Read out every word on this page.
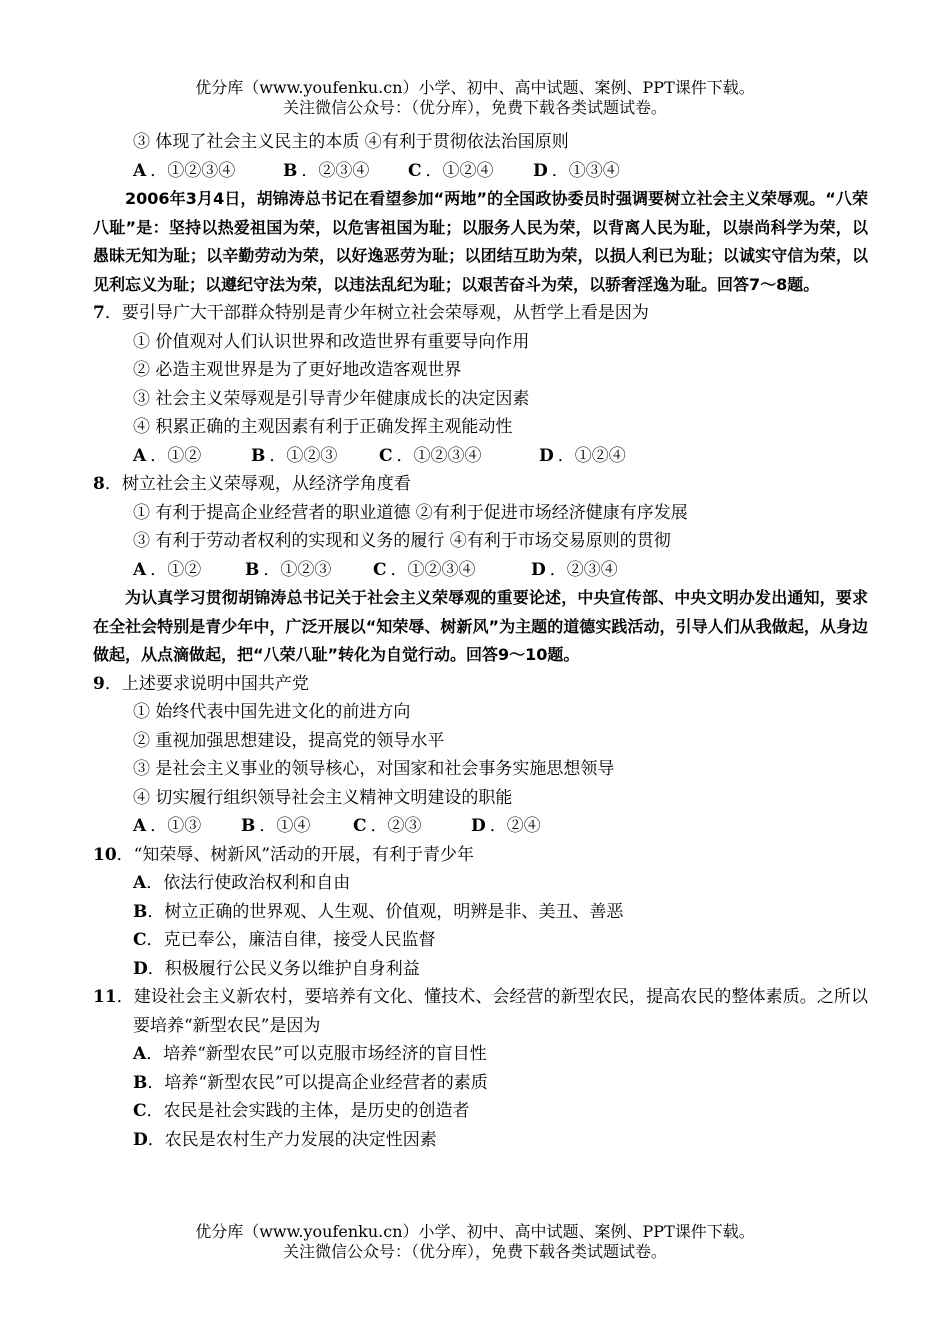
优分库（www.youfenku.cn）小学、初中、高中试题、案例、PPT课件下载。
关注微信公众号：（优分库），免费下载各类试题试卷。
③ 体现了社会主义民主的本质 ④有利于贯彻依法治国原则
A ．①②③④	B ．②③④	C ．①②④	D ．①③④
2006年3月4日，胡锦涛总书记在看望参加“两地”的全国政协委员时强调要树立社会主义荣辱观。“八荣八耻”是：坚持以热爱祖国为荣，以危害祖国为耻；以服务人民为荣，以背离人民为耻，以崇尚科学为荣，以愚昧无知为耻；以辛勤劳动为荣，以好逸恶劳为耻；以团结互助为荣，以损人利已为耻；以诚实守信为荣，以见利忘义为耻；以遵纪守法为荣，以违法乱纪为耻；以艰苦奋斗为荣，以骄奢淫逸为耻。回答7～8题。
7．要引导广大干部群众特别是青少年树立社会荣辱观，从哲学上看是因为
① 价值观对人们认识世界和改造世界有重要导向作用
② 必造主观世界是为了更好地改造客观世界
③ 社会主义荣辱观是引导青少年健康成长的决定因素
④ 积累正确的主观因素有利于正确发挥主观能动性
A ．①②	B ．①②③	C ．①②③④	D ．①②④
8．树立社会主义荣辱观，从经济学角度看
① 有利于提高企业经营者的职业道德 ②有利于促进市场经济健康有序发展
③ 有利于劳动者权利的实现和义务的履行 ④有利于市场交易原则的贯彻
A ．①②	B ．①②③	C ．①②③④	D ．②③④
为认真学习贯彻胡锦涛总书记关于社会主义荣辱观的重要论述，中央宣传部、中央文明办发出通知，要求在全社会特别是青少年中，广泛开展以“知荣辱、树新风”为主题的道德实践活动，引导人们从我做起，从身边做起，从点滴做起，把“八荣八耻”转化为自觉行动。回答9～10题。
9．上述要求说明中国共产党
① 始终代表中国先进文化的前进方向
② 重视加强思想建设，提高党的领导水平
③ 是社会主义事业的领导核心，对国家和社会事务实施思想领导
④ 切实履行组织领导社会主义精神文明建设的职能
A ．①③	B ．①④	C ．②③	D ．②④
10．“知荣辱、树新风”活动的开展，有利于青少年
A．依法行使政治权利和自由
B．树立正确的世界观、人生观、价值观，明辨是非、美丑、善恶
C．克已奉公，廉洁自律，接受人民监督
D．积极履行公民义务以维护自身利益
11．建设社会主义新农村，要培养有文化、懂技术、会经营的新型农民，提高农民的整体素质。之所以要培养“新型农民”是因为
A．培养“新型农民”可以克服市场经济的盲目性
B．培养“新型农民”可以提高企业经营者的素质
C．农民是社会实践的主体，是历史的创造者
D．农民是农村生产力发展的决定性因素
优分库（www.youfenku.cn）小学、初中、高中试题、案例、PPT课件下载。
关注微信公众号：（优分库），免费下载各类试题试卷。
